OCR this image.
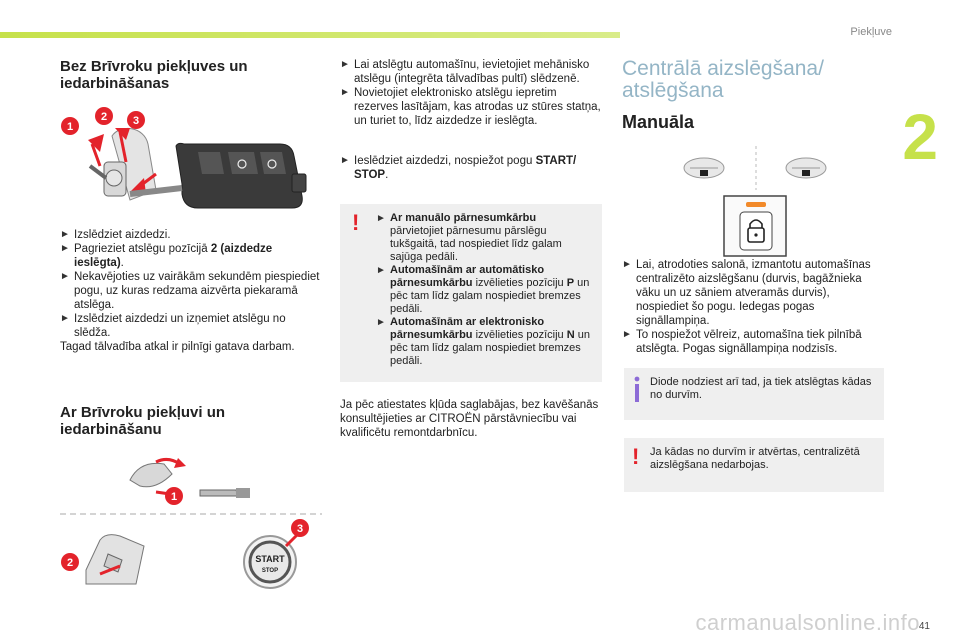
Piekļuve
2
Bez Brīvroku piekļuves un iedarbināšanas
1
2 3
► Izslēdziet aizdedzi.
► Pagrieziet atslēgu pozīcijā 2 (aizdedze ieslēgta).
► Nekavējoties uz vairākām sekundēm piespiediet pogu, uz kuras redzama aizvērta piekaramā atslēga.
► Izslēdziet aizdedzi un izņemiet atslēgu no slēdža.

Tagad tālvadība atkal ir pilnīgi gatava darbam.

Ar Brīvroku piekļuvi un iedarbināšanu
1
2	START
STOP
3
► Lai atslēgtu automašīnu, ievietojiet mehānisko atslēgu (integrēta tālvadības pultī) slēdzenē.
► Novietojiet elektronisko atslēgu iepretim rezerves lasītājam, kas atrodas uz stūres statņa, un turiet to, līdz aizdedze ir ieslēgta.
► Ieslēdziet aizdedzi, nospiežot pogu START/ STOP.
! ► Ar manuālo pārnesumkārbu pārvietojiet pārnesumu pārslēgu tukšgaitā, tad nospiediet līdz galam sajūga pedāli.
► Automašīnām ar automātisko pārnesumkārbu izvēlieties pozīciju P un pēc tam līdz galam nospiediet bremzes pedāli.
► Automašīnām ar elektronisko pārnesumkārbu izvēlieties pozīciju N un pēc tam līdz galam nospiediet bremzes pedāli.

Ja pēc atiestates kļūda saglabājas, bez kavēšanās konsultējieties ar CITROËN pārstāvniecību vai kvalificētu remontdarbnīcu.

Centrālā aizslēgšana/ atslēgšana
Manuāla
► Lai, atrodoties salonā, izmantotu automašīnas centralizēto aizslēgšanu (durvis, bagāžnieka vāku un uz sāniem atveramās durvis), nospiediet šo pogu. Iedegas pogas signāllampiņa.
► To nospiežot vēlreiz, automašīna tiek pilnībā atslēgta. Pogas signāllampiņa nodzisīs.
Diode nodziest arī tad, ja tiek atslēgtas kādas no durvīm.
! Ja kādas no durvīm ir atvērtas, centralizētā aizslēgšana nedarbojas.
carmanualsonline.info
41
